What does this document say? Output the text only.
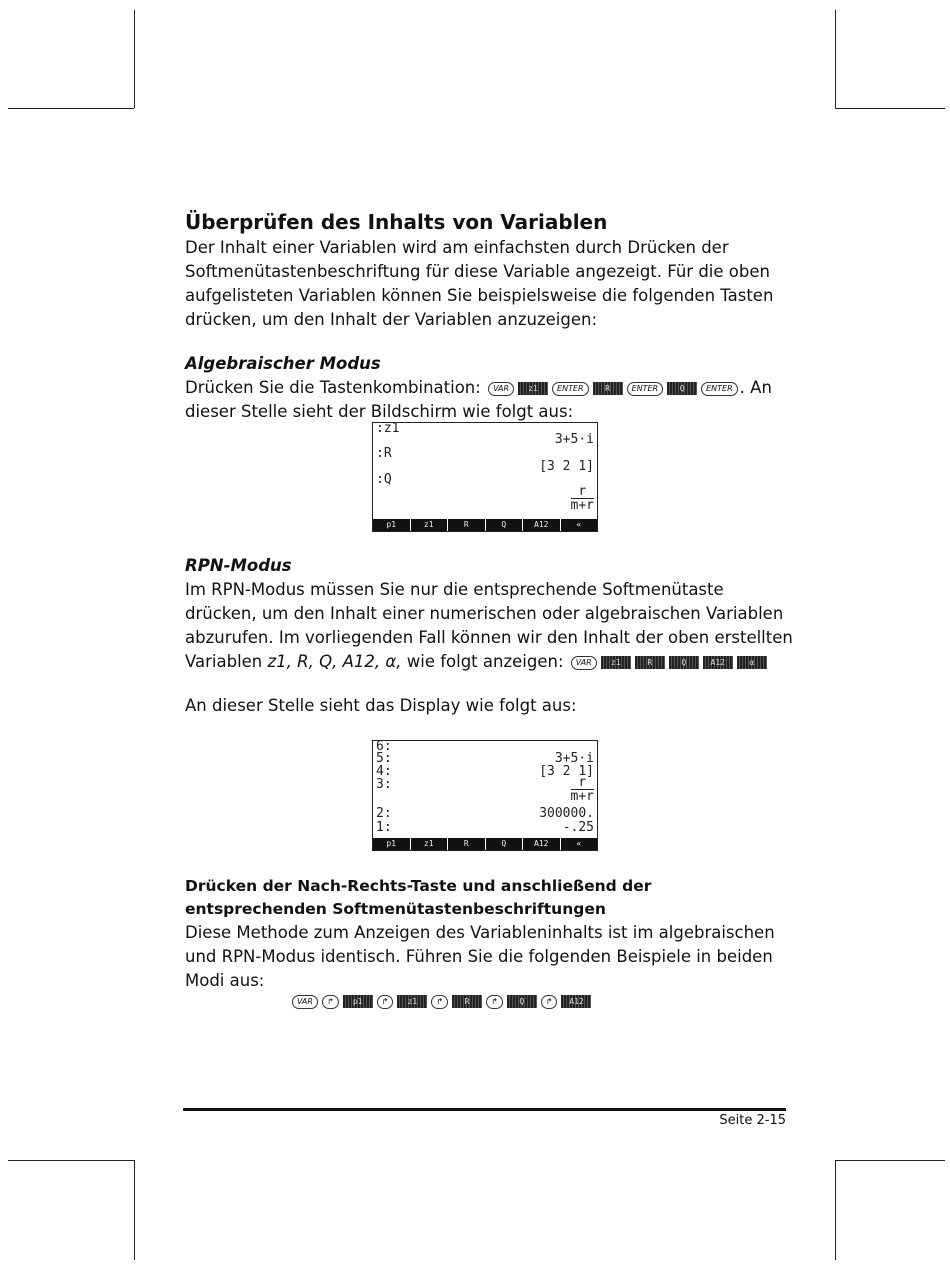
Überprüfen des Inhalts von Variablen

Der Inhalt einer Variablen wird am einfachsten durch Drücken der Softmenütastenbeschriftung für diese Variable angezeigt. Für die oben aufgelisteten Variablen können Sie beispielsweise die folgenden Tasten drücken, um den Inhalt der Variablen anzuzeigen:

Algebraischer Modus
Drücken Sie die Tastenkombination: VAR z1 ENTER	R	ENTER	Q	ENTER . An
dieser Stelle sieht der Bildschirm wie folgt aus:
:z1
3+5·i
:R
[3 2 1]
:Q
$\frac{r}{m+r}$
p1	z1	R	Q	A12	«
RPN-Modus
Im RPN-Modus müssen Sie nur die entsprechende Softmenütaste drücken, um den Inhalt einer numerischen oder algebraischen Variablen abzurufen. Im vorliegenden Fall können wir den Inhalt der oben erstellten Variablen z1, R, Q, A12, α, wie folgt anzeigen: VAR z1	R	Q	A12	α
An dieser Stelle sieht das Display wie folgt aus:
6:
5:	3+5·i
4:	[3 2 1]
3:	$\frac{r}{m+r}$
2:	300000.
1:	-.25
p1	z1	R	Q	A12	«
Drücken der Nach-Rechts-Taste und anschließend der entsprechenden Softmenütastenbeschriftungen
Diese Methode zum Anzeigen des Variableninhalts ist im algebraischen und RPN-Modus identisch. Führen Sie die folgenden Beispiele in beiden Modi aus:
VAR ↱ p1 ↱ z1 ↱	R	↱	Q	↱ A12
Seite 2-15
